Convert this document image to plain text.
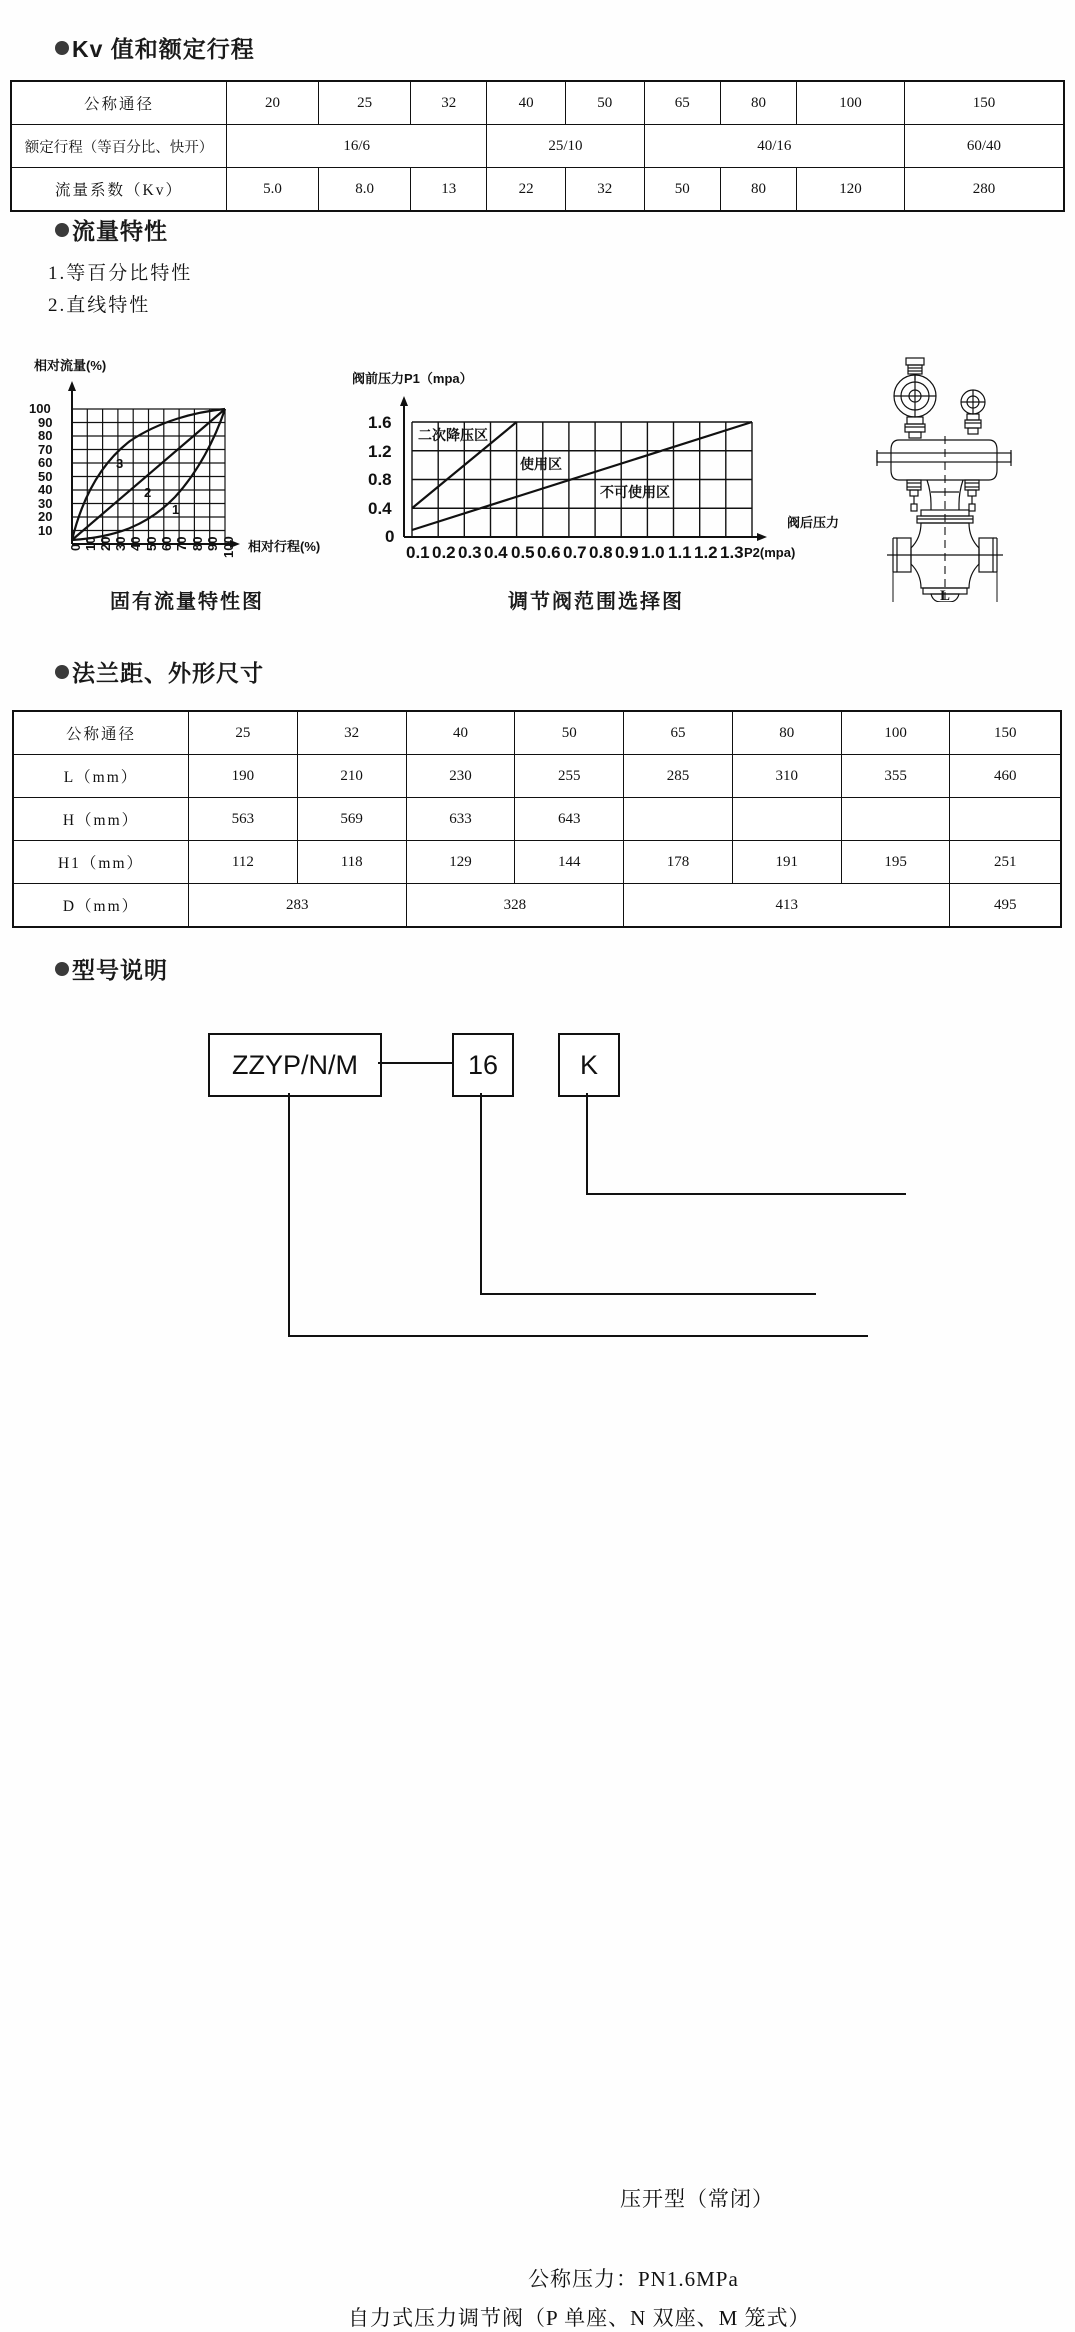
Kv 值和额定行程
公称通径	20	25	32	40	50	65	80	100	150
额定行程（等百分比、快开）	16/6			25/10		40/16			60/40
流量系数（Kv）	5.0	8.0	13	22	32	50	80	120	280
流量特性
1.等百分比特性
2.直线特性
相对流量(%)
100
90
80
70
60
50
40
30
20
10
0 10 20 30 40 50 60 70 80 90 100 相对行程(%)
3
2
1
固有流量特性图
阀前压力P1（mpa）
1.6
1.2
0.8
0.4
0
0.1 0.2 0.3 0.4 0.5 0.6 0.7 0.8 0.9 1.0 1.1 1.2 1.3 P2(mpa)
阀后压力
二次降压区
使用区
不可使用区
调节阀范围选择图	L
法兰距、外形尺寸
公称通径	25	32	40	50	65	80	100	150
L（mm）	190	210	230	255	285	310	355	460
H（mm）	563	569	633	643				
H1（mm）	112	118	129	144	178	191	195	251
D（mm）	283		328		413			495
型号说明
ZZYP/N/M	16	K
压开型（常闭）
公称压力：PN1.6MPa
自力式压力调节阀（P 单座、N 双座、M 笼式）
